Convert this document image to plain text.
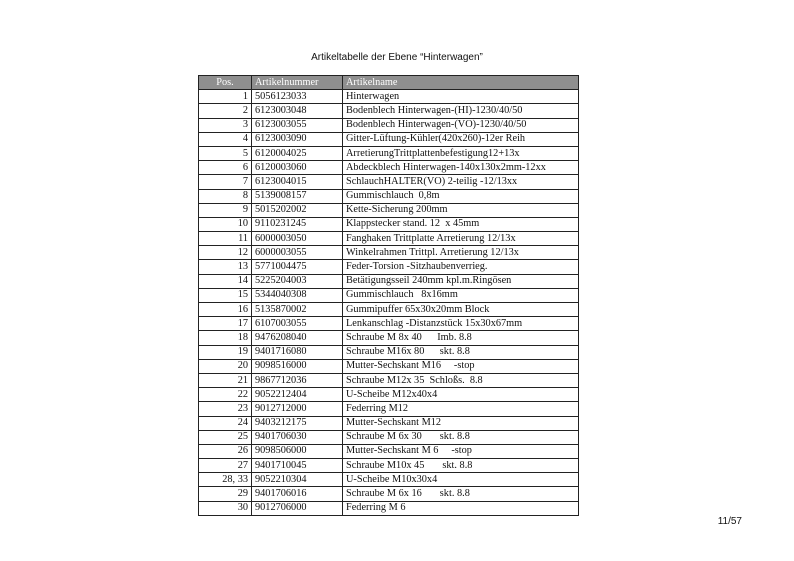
Artikeltabelle der Ebene “Hinterwagen”
Pos.	Artikelnummer	Artikelname
1	5056123033	Hinterwagen
2	6123003048	Bodenblech Hinterwagen-(HI)-1230/40/50
3	6123003055	Bodenblech Hinterwagen-(VO)-1230/40/50
4	6123003090	Gitter-Lüftung-Kühler(420x260)-12er Reih
5	6120004025	ArretierungTrittplattenbefestigung12+13x
6	6120003060	Abdeckblech Hinterwagen-140x130x2mm-12xx
7	6123004015	SchlauchHALTER(VO) 2-teilig -12/13xx
8	5139008157	Gummischlauch  0,8m
9	5015202002	Kette-Sicherung 200mm
10	9110231245	Klappstecker stand. 12  x 45mm
11	6000003050	Fanghaken Trittplatte Arretierung 12/13x
12	6000003055	Winkelrahmen Trittpl. Arretierung 12/13x
13	5771004475	Feder-Torsion -Sitzhaubenverrieg.
14	5225204003	Betätigungsseil 240mm kpl.m.Ringösen
15	5344040308	Gummischlauch   8x16mm
16	5135870002	Gummipuffer 65x30x20mm Block
17	6107003055	Lenkanschlag -Distanzstück 15x30x67mm
18	9476208040	Schraube M 8x 40      Imb. 8.8
19	9401716080	Schraube M16x 80      skt. 8.8
20	9098516000	Mutter-Sechskant M16     -stop
21	9867712036	Schraube M12x 35  Schloßs.  8.8
22	9052212404	U-Scheibe M12x40x4
23	9012712000	Federring M12
24	9403212175	Mutter-Sechskant M12
25	9401706030	Schraube M 6x 30       skt. 8.8
26	9098506000	Mutter-Sechskant M 6     -stop
27	9401710045	Schraube M10x 45       skt. 8.8
28, 33	9052210304	U-Scheibe M10x30x4
29	9401706016	Schraube M 6x 16       skt. 8.8
30	9012706000	Federring M 6
11/57
